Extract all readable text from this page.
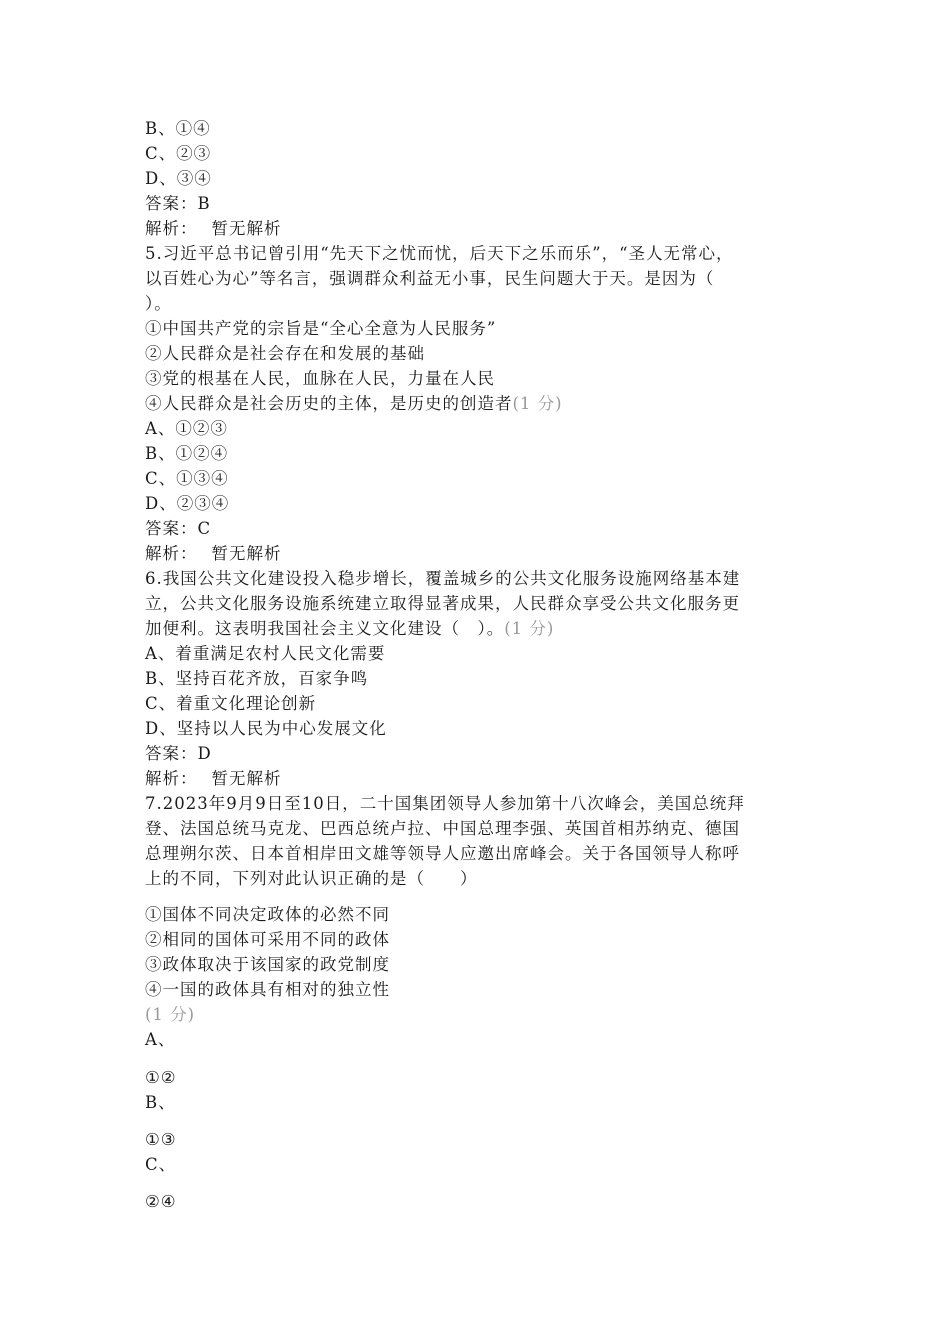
B、①④
C、②③
D、③④
答案：B
解析： 暂无解析
5.习近平总书记曾引用“先天下之忧而忧，后天下之乐而乐”，“圣人无常心，
以百姓心为心”等名言，强调群众利益无小事，民生问题大于天。是因为（
）。
①中国共产党的宗旨是“全心全意为人民服务”
②人民群众是社会存在和发展的基础
③党的根基在人民，血脉在人民，力量在人民
④人民群众是社会历史的主体，是历史的创造者(1 分)
A、①②③
B、①②④
C、①③④
D、②③④
答案：C
解析： 暂无解析
6.我国公共文化建设投入稳步增长，覆盖城乡的公共文化服务设施网络基本建
立，公共文化服务设施系统建立取得显著成果，人民群众享受公共文化服务更
加便利。这表明我国社会主义文化建设（　）。(1 分)
A、着重满足农村人民文化需要
B、坚持百花齐放，百家争鸣
C、着重文化理论创新
D、坚持以人民为中心发展文化
答案：D
解析： 暂无解析
7.2023年9月9日至10日，二十国集团领导人参加第十八次峰会，美国总统拜
登、法国总统马克龙、巴西总统卢拉、中国总理李强、英国首相苏纳克、德国
总理朔尔茨、日本首相岸田文雄等领导人应邀出席峰会。关于各国领导人称呼
上的不同，下列对此认识正确的是（　　）
①国体不同决定政体的必然不同
②相同的国体可采用不同的政体
③政体取决于该国家的政党制度
④一国的政体具有相对的独立性
(1 分)
A、
①②
B、
①③
C、
②④
